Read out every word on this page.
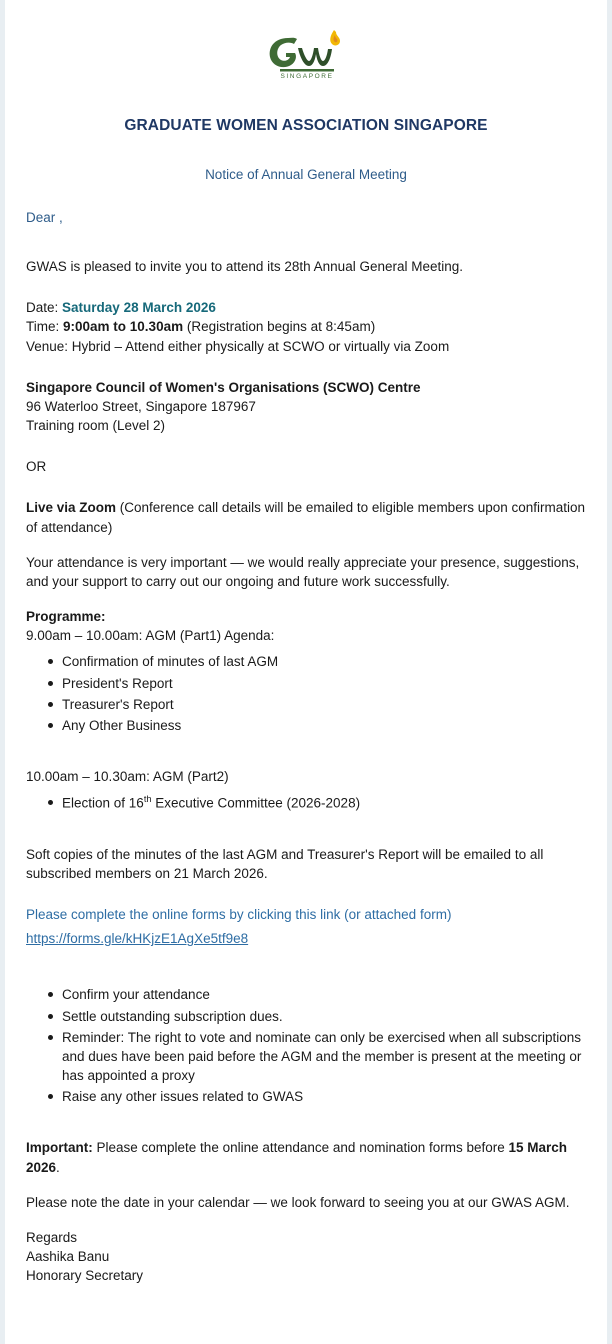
SINGAPORE
GRADUATE WOMEN ASSOCIATION SINGAPORE
Notice of Annual General Meeting

Dear ,

GWAS is pleased to invite you to attend its 28th Annual General Meeting.

Date: Saturday 28 March 2026

Time: 9:00am to 10.30am (Registration begins at 8:45am)

Venue: Hybrid – Attend either physically at SCWO or virtually via Zoom

Singapore Council of Women's Organisations (SCWO) Centre

96 Waterloo Street, Singapore 187967

Training room (Level 2)

OR

Live via Zoom (Conference call details will be emailed to eligible members upon confirmation of attendance)

Your attendance is very important — we would really appreciate your presence, suggestions, and your support to carry out our ongoing and future work successfully.

Programme:

9.00am – 10.00am: AGM (Part1) Agenda:

Confirmation of minutes of last AGM
President's Report
Treasurer's Report
Any Other Business

10.00am – 10.30am: AGM (Part2)

Election of 16th Executive Committee (2026-2028)

Soft copies of the minutes of the last AGM and Treasurer's Report will be emailed to all subscribed members on 21 March 2026.

Please complete the online forms by clicking this link (or attached form)

https://forms.gle/kHKjzE1AgXe5tf9e8

Confirm your attendance
Settle outstanding subscription dues.
Reminder: The right to vote and nominate can only be exercised when all subscriptions and dues have been paid before the AGM and the member is present at the meeting or has appointed a proxy
Raise any other issues related to GWAS

Important: Please complete the online attendance and nomination forms before 15 March 2026.

Please note the date in your calendar — we look forward to seeing you at our GWAS AGM.

Regards

Aashika Banu

Honorary Secretary
